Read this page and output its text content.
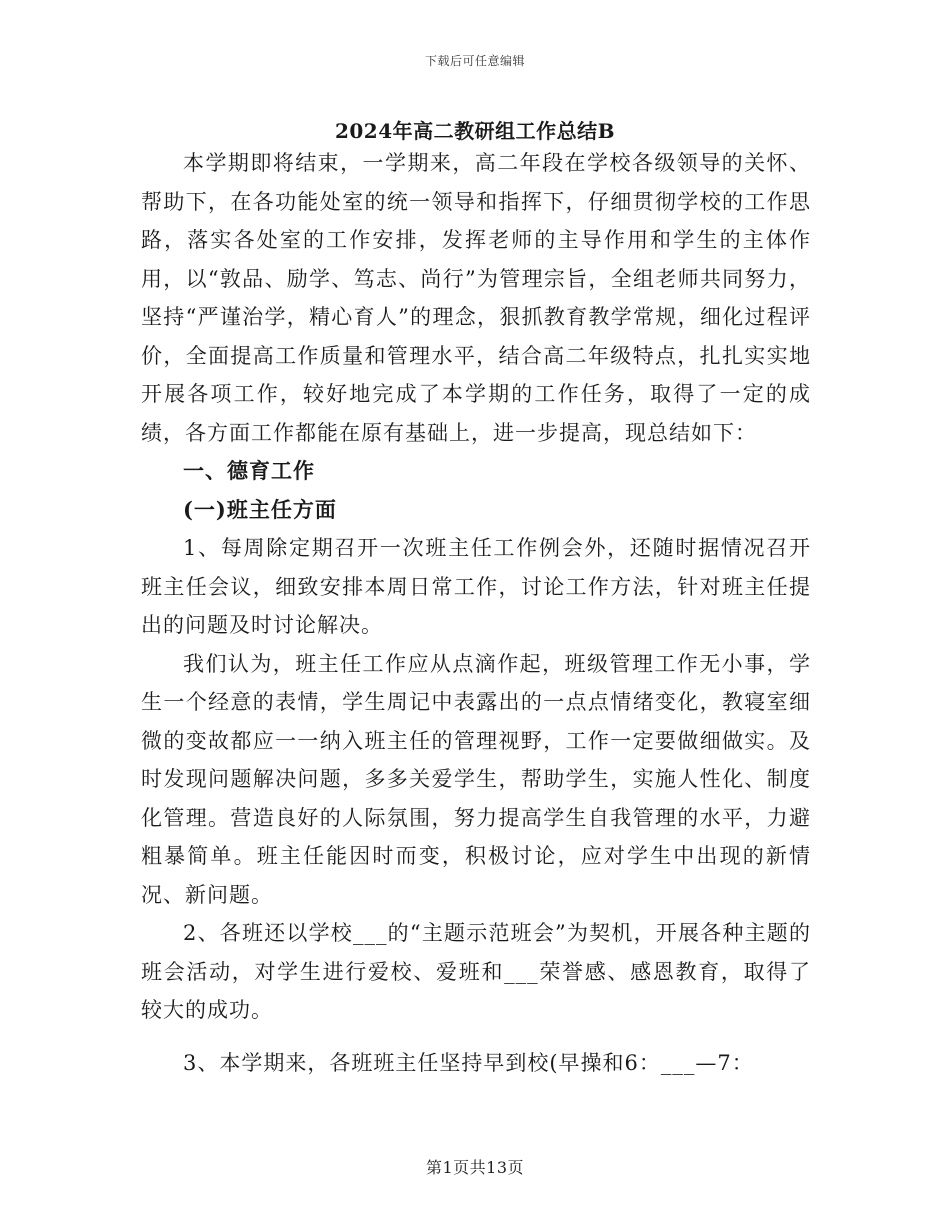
下载后可任意编辑
2024年高二教研组工作总结B

本学期即将结束，一学期来，高二年段在学校各级领导的关怀、帮助下，在各功能处室的统一领导和指挥下，仔细贯彻学校的工作思路，落实各处室的工作安排，发挥老师的主导作用和学生的主体作用，以“敦品、励学、笃志、尚行”为管理宗旨，全组老师共同努力，坚持“严谨治学，精心育人”的理念，狠抓教育教学常规，细化过程评价，全面提高工作质量和管理水平，结合高二年级特点，扎扎实实地开展各项工作，较好地完成了本学期的工作任务，取得了一定的成绩，各方面工作都能在原有基础上，进一步提高，现总结如下：

一、德育工作

(一)班主任方面

1、每周除定期召开一次班主任工作例会外，还随时据情况召开班主任会议，细致安排本周日常工作，讨论工作方法，针对班主任提出的问题及时讨论解决。

我们认为，班主任工作应从点滴作起，班级管理工作无小事，学生一个经意的表情，学生周记中表露出的一点点情绪变化，教寝室细微的变故都应一一纳入班主任的管理视野，工作一定要做细做实。及时发现问题解决问题，多多关爱学生，帮助学生，实施人性化、制度化管理。营造良好的人际氛围，努力提高学生自我管理的水平，力避粗暴简单。班主任能因时而变，积极讨论，应对学生中出现的新情况、新问题。

2、各班还以学校___的“主题示范班会”为契机，开展各种主题的班会活动，对学生进行爱校、爱班和___荣誉感、感恩教育，取得了较大的成功。

3、本学期来，各班班主任坚持早到校(早操和6：___—7：

第1页共13页
